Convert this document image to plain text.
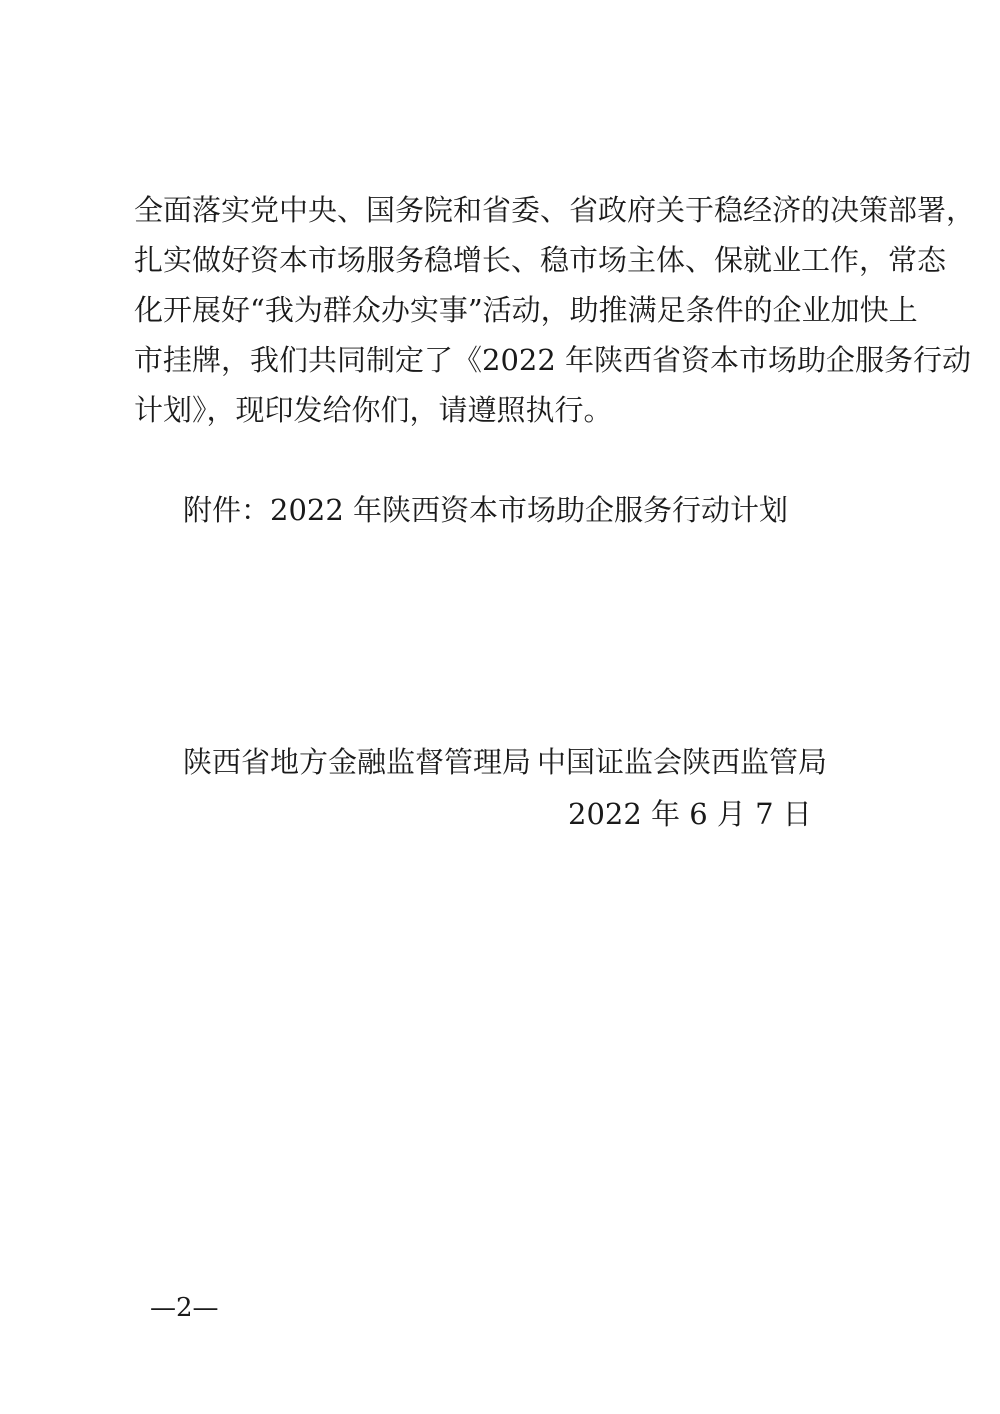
全面落实党中央、国务院和省委、省政府关于稳经济的决策部署，
扎实做好资本市场服务稳增长、稳市场主体、保就业工作，常态
化开展好“我为群众办实事”活动，助推满足条件的企业加快上
市挂牌，我们共同制定了《2022 年陕西省资本市场助企服务行动
计划》，现印发给你们，请遵照执行。

附件：2022 年陕西资本市场助企服务行动计划

陕西省地方金融监督管理局 中国证监会陕西监管局

2022 年 6 月 7 日

—2—
